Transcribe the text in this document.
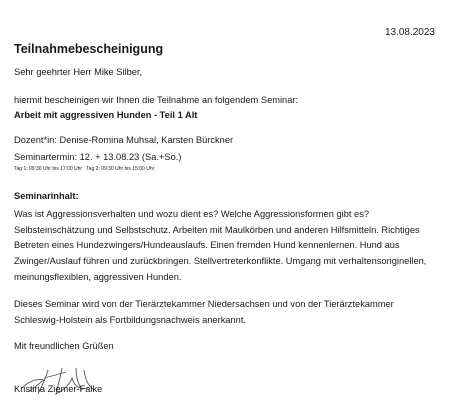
13.08.2023
Teilnahmebescheinigung
Sehr geehrter Herr Mike Silber,
hiermit bescheinigen wir Ihnen die Teilnahme an folgendem Seminar:
Arbeit mit aggressiven Hunden - Teil 1 Alt
Dozent*in: Denise-Romina Muhsal, Karsten Bürckner
Seminartermin: 12. + 13.08.23 (Sa.+So.)
Tag 1: 09:30 Uhr bis 17:00 Uhr   Tag 2: 09:30 Uhr bis 15:00 Uhr
Seminarinhalt:
Was ist Aggressionsverhalten und wozu dient es? Welche Aggressionsformen gibt es? Selbsteinschätzung und Selbstschutz. Arbeiten mit Maulkörben und anderen Hilfsmitteln. Richtiges Betreten eines Hundezwingers/Hundeauslaufs. Einen fremden Hund kennenlernen. Hund aus Zwinger/Auslauf führen und zurückbringen. Stellvertreterkonflikte. Umgang mit verhaltensoriginellen, meinungsflexiblen, aggressiven Hunden.
Dieses Seminar wird von der Tierärztekammer Niedersachsen und von der Tierärztekammer Schleswig-Holstein als Fortbildungsnachweis anerkannt.
Mit freundlichen Grüßen
Kristina Ziemer-Falke
